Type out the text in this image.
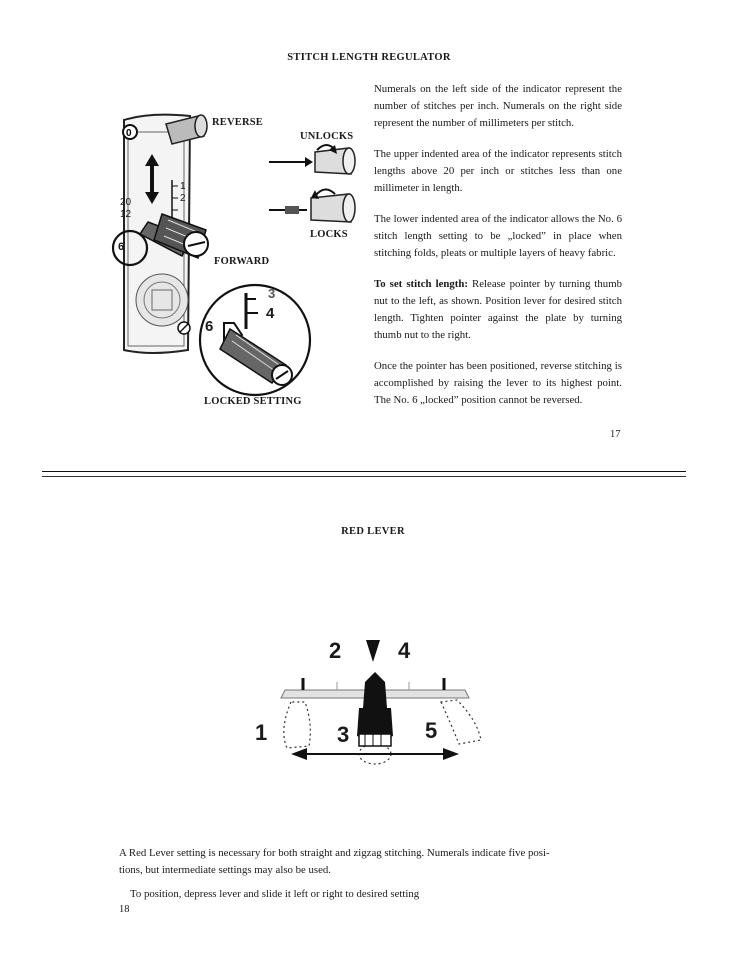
STITCH LENGTH REGULATOR
0
20
12
1
2
6
REVERSE
FORWARD
UNLOCKS
LOCKS
3
4
6
LOCKED SETTING

Numerals on the left side of the indicator represent the number of stitches per inch. Numerals on the right side represent the number of millimeters per stitch.

The upper indented area of the indicator represents stitch lengths above 20 per inch or stitches less than one millimeter in length.

The lower indented area of the indicator allows the No. 6 stitch length setting to be „locked” in place when stitching folds, pleats or multiple layers of heavy fabric.

To set stitch length: Release pointer by turning thumb nut to the left, as shown. Position lever for desired stitch length. Tighten pointer against the plate by turning thumb nut to the right.

Once the pointer has been positioned, reverse stitching is accomplished by raising the lever to its highest point. The No. 6 „locked” position cannot be reversed.

17
RED LEVER
1
2
3
4
5
A Red Lever setting is necessary for both straight and zigzag stitching. Numerals indicate five posi-
tions, but intermediate settings may also be used.
To position, depress lever and slide it left or right to desired setting
18
